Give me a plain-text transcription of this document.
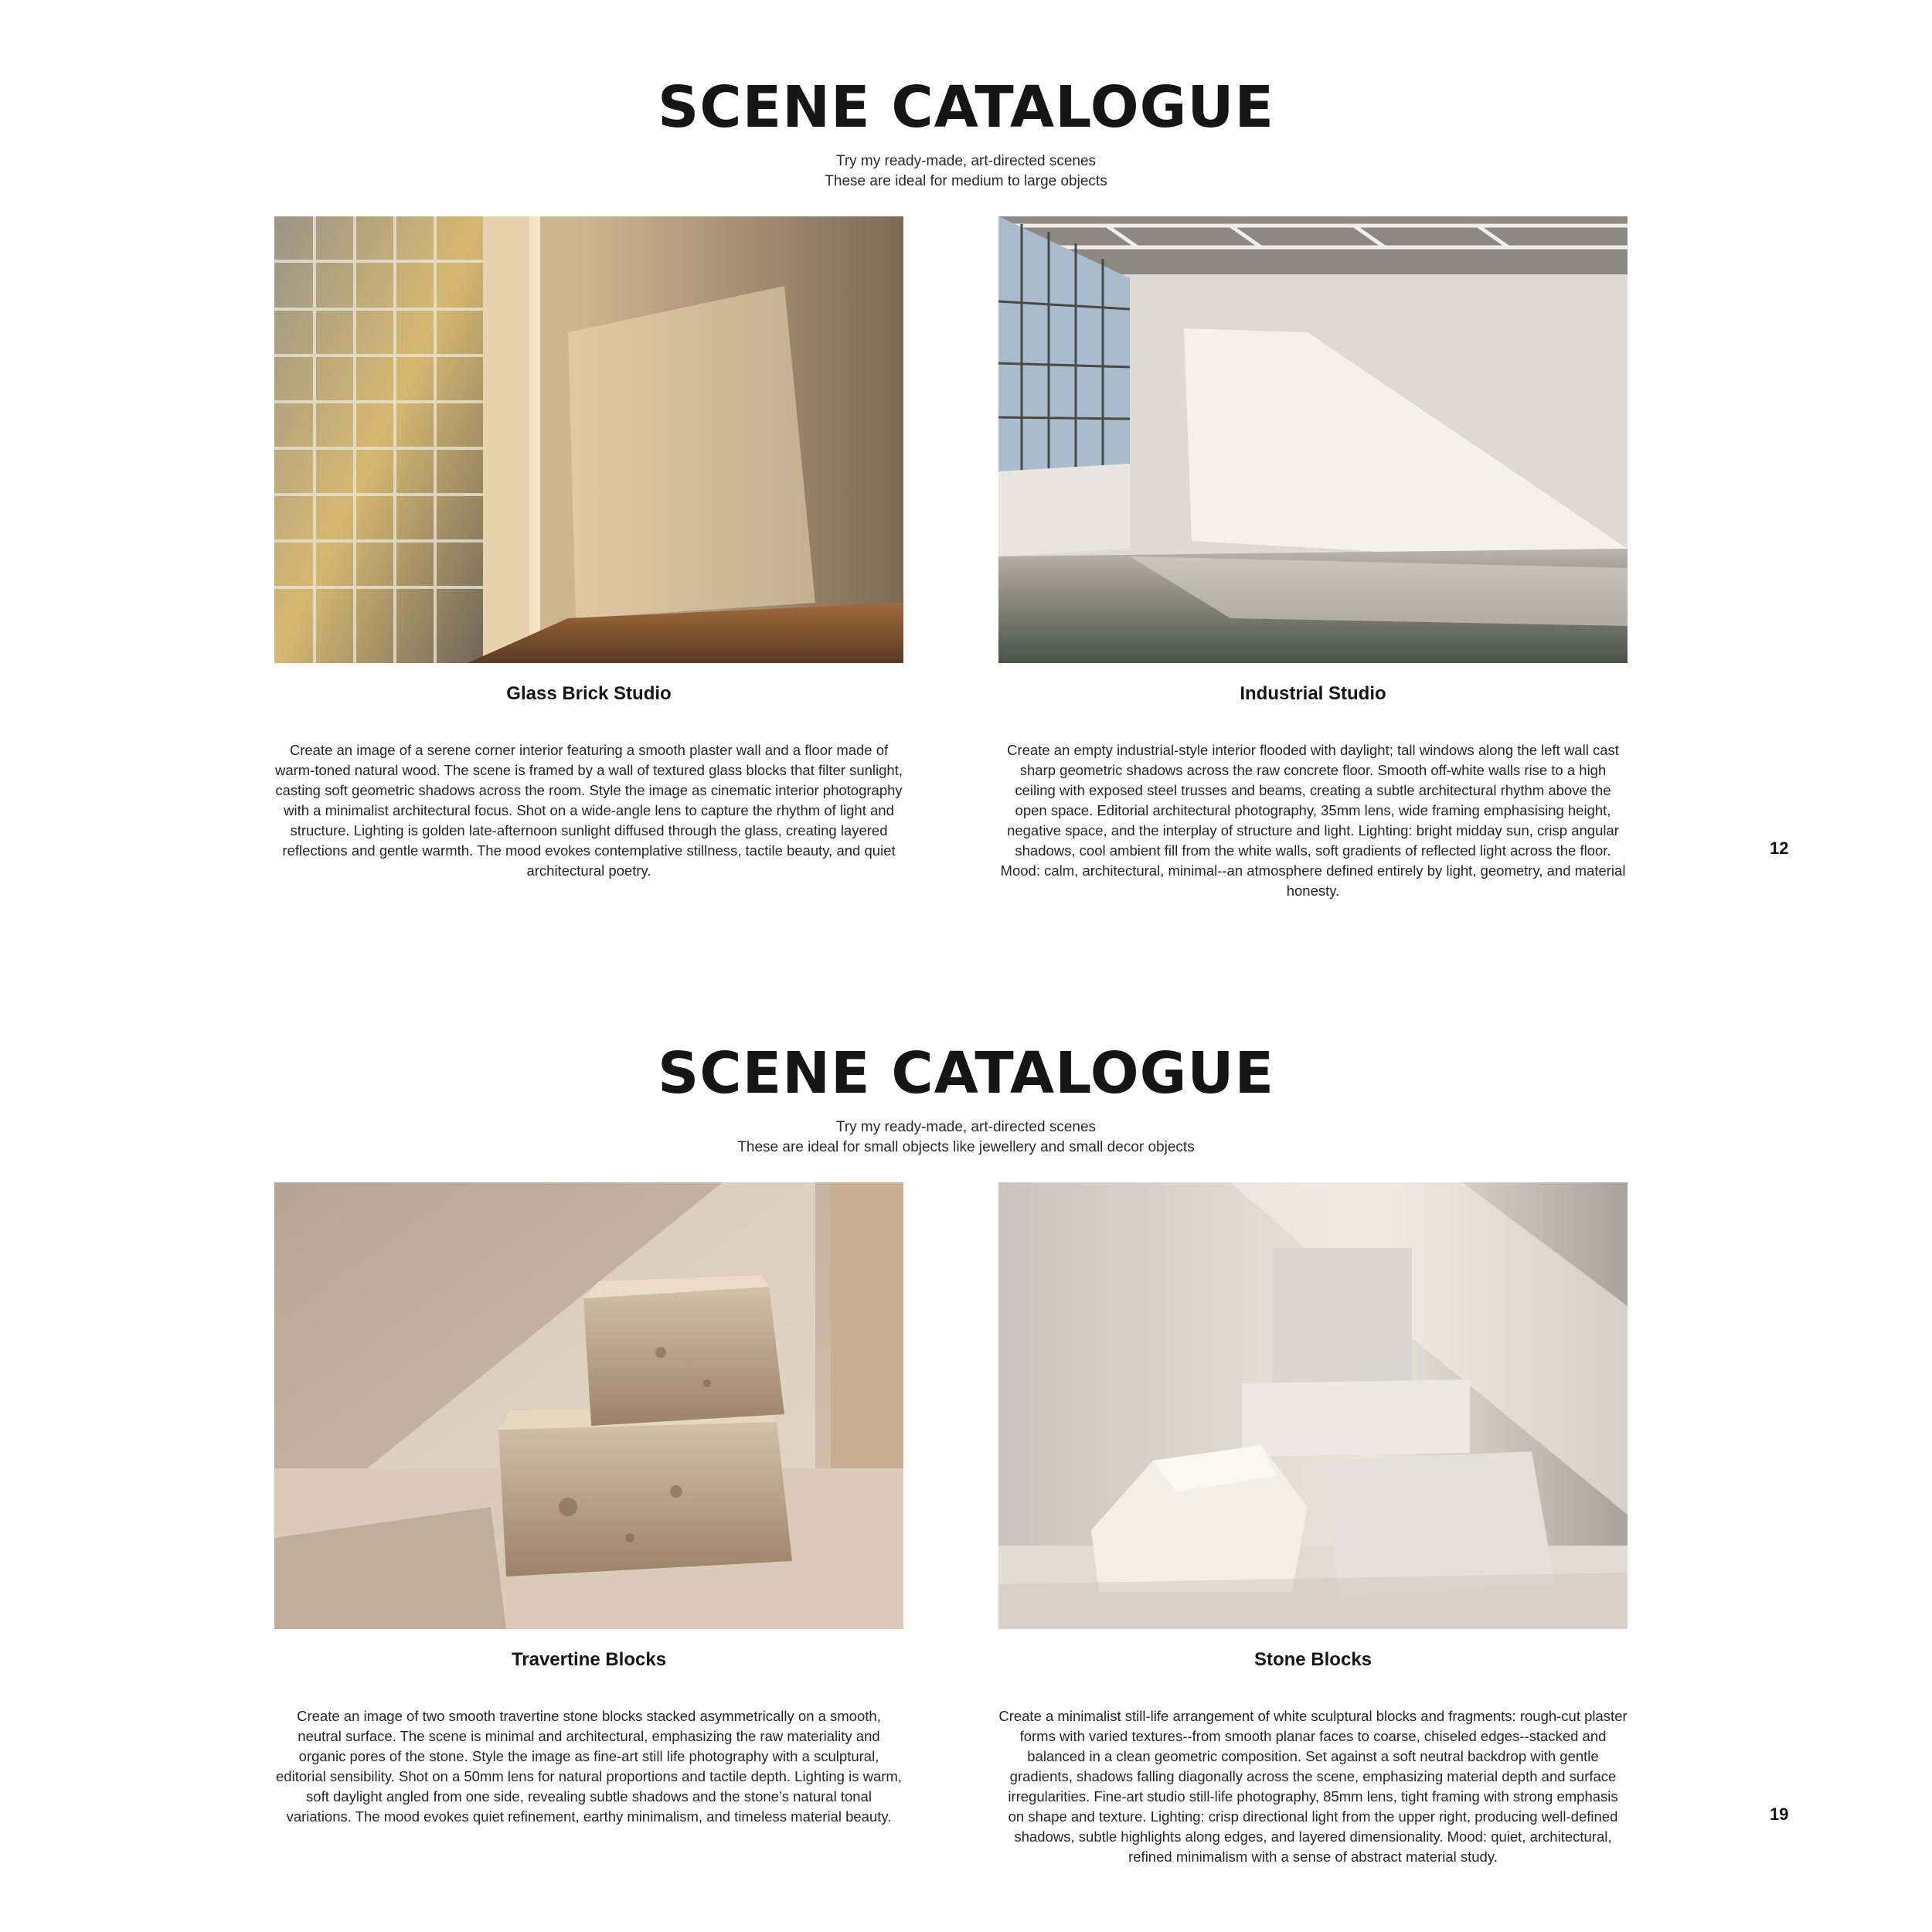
SCENE CATALOGUE
Try my ready-made, art-directed scenes
These are ideal for medium to large objects
Glass Brick Studio
Create an image of a serene corner interior featuring a smooth plaster wall and a floor made of warm-toned natural wood. The scene is framed by a wall of textured glass blocks that filter sunlight, casting soft geometric shadows across the room. Style the image as cinematic interior photography with a minimalist architectural focus. Shot on a wide-angle lens to capture the rhythm of light and structure. Lighting is golden late-afternoon sunlight diffused through the glass, creating layered reflections and gentle warmth. The mood evokes contemplative stillness, tactile beauty, and quiet architectural poetry.
Industrial Studio
Create an empty industrial-style interior flooded with daylight; tall windows along the left wall cast sharp geometric shadows across the raw concrete floor. Smooth off-white walls rise to a high ceiling with exposed steel trusses and beams, creating a subtle architectural rhythm above the open space. Editorial architectural photography, 35mm lens, wide framing emphasising height, negative space, and the interplay of structure and light. Lighting: bright midday sun, crisp angular shadows, cool ambient fill from the white walls, soft gradients of reflected light across the floor. Mood: calm, architectural, minimal--an atmosphere defined entirely by light, geometry, and material honesty.
12
SCENE CATALOGUE
Try my ready-made, art-directed scenes
These are ideal for small objects like jewellery and small decor objects
Travertine Blocks
Create an image of two smooth travertine stone blocks stacked asymmetrically on a smooth, neutral surface. The scene is minimal and architectural, emphasizing the raw materiality and organic pores of the stone. Style the image as fine-art still life photography with a sculptural, editorial sensibility. Shot on a 50mm lens for natural proportions and tactile depth. Lighting is warm, soft daylight angled from one side, revealing subtle shadows and the stone’s natural tonal variations. The mood evokes quiet refinement, earthy minimalism, and timeless material beauty.
Stone Blocks
Create a minimalist still-life arrangement of white sculptural blocks and fragments: rough-cut plaster forms with varied textures--from smooth planar faces to coarse, chiseled edges--stacked and balanced in a clean geometric composition. Set against a soft neutral backdrop with gentle gradients, shadows falling diagonally across the scene, emphasizing material depth and surface irregularities. Fine-art studio still-life photography, 85mm lens, tight framing with strong emphasis on shape and texture. Lighting: crisp directional light from the upper right, producing well-defined shadows, subtle highlights along edges, and layered dimensionality. Mood: quiet, architectural, refined minimalism with a sense of abstract material study.
19
